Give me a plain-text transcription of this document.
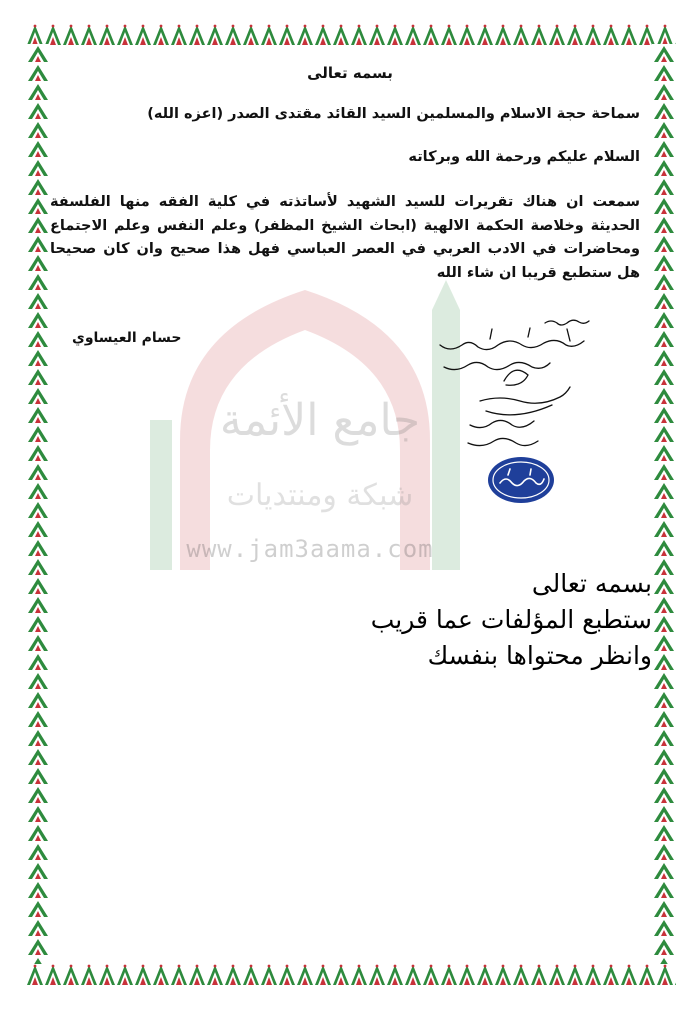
جامع الأئمة
شبكة ومنتديات
www.jam3aama.com
بسمه تعالى
سماحة حجة الاسلام والمسلمين السيد القائد مقتدى الصدر (اعزه الله)
السلام عليكم ورحمة الله وبركاته
سمعت ان هناك تقريرات للسيد الشهيد لأساتذته في كلية الفقه منها الفلسفة الحديثة وخلاصة الحكمة الالهية (ابحاث الشيخ المظفر) وعلم النفس وعلم الاجتماع ومحاضرات في الادب العربي في العصر العباسي فهل هذا صحيح وان كان صحيحا هل ستطبع قريبا ان شاء الله
حسام العيساوي
بسمه تعالى
ستطبع المؤلفات عما قريب
وانظر محتواها بنفسك
